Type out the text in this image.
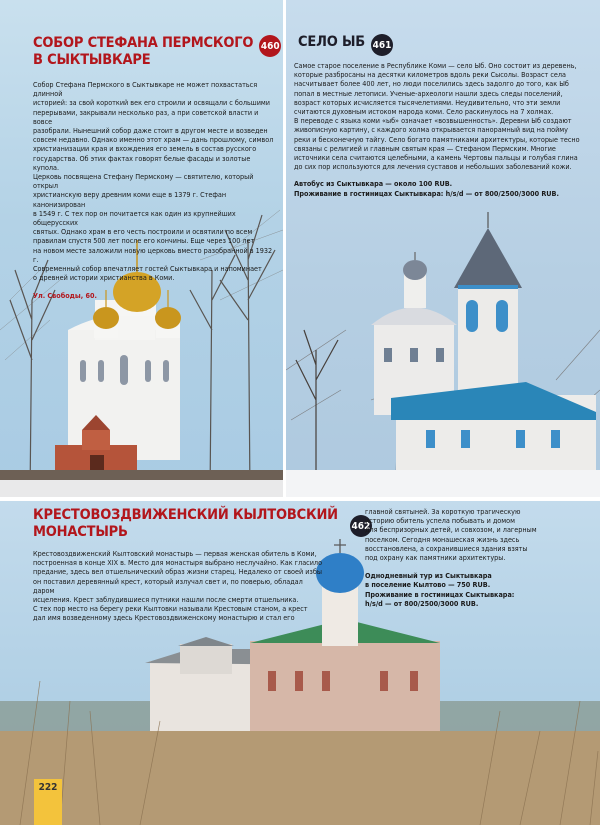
СОБОР СТЕФАНА ПЕРМСКОГО
В СЫКТЫВКАРЕ
460
Собор Стефана Пермского в Сыктывкаре не может похвастаться длинной
историей: за свой короткий век его строили и освящали с большими
перерывами, закрывали несколько раз, а при советской власти и вовсе
разобрали. Нынешний собор даже стоит в другом месте и возведен
совсем недавно. Однако именно этот храм — дань прошлому, символ
христианизации края и вхождения его земель в состав русского
государства. Об этих фактах говорят белые фасады и золотые купола.
Церковь посвящена Стефану Пермскому — святителю, который открыл
христианскую веру древним коми еще в 1379 г. Стефан канонизирован
в 1549 г. С тех пор он почитается как один из крупнейших общерусских
святых. Однако храм в его честь построили и освятили по всем
правилам спустя 500 лет после его кончины. Еще через 100 лет
на новом месте заложили новую церковь вместо разобранной в 1932 г.
Современный собор впечатляет гостей Сыктывкара и напоминает
о древней истории христианства в Коми.
Ул. Свободы, 60.
СЕЛО ЫБ 461
Самое старое поселение в Республике Коми — село Ыб. Оно состоит из деревень,
которые разбросаны на десятки километров вдоль реки Сысолы. Возраст села
насчитывает более 400 лет, но люди поселились здесь задолго до того, как Ыб
попал в местные летописи. Ученые-археологи нашли здесь следы поселений,
возраст которых исчисляется тысячелетиями. Неудивительно, что эти земли
считаются духовным истоком народа коми. Село раскинулось на 7 холмах.
В переводе с языка коми «ыб» означает «возвышенность». Деревни Ыб создают
живописную картину, с каждого холма открывается панорамный вид на пойму
реки и бесконечную тайгу. Село богато памятниками архитектуры, которые тесно
связаны с религией и главным святым края — Стефаном Пермским. Многие
источники села считаются целебными, а камень Чертовы пальцы и голубая глина
до сих пор используются для лечения суставов и небольших заболеваний кожи.
Автобус из Сыктывкара — около 100 RUB.
Проживание в гостиницах Сыктывкара: h/s/d — от 800/2500/3000 RUB.
КРЕСТОВОЗДВИЖЕНСКИЙ КЫЛТОВСКИЙ
МОНАСТЫРЬ	462
Крестовоздвиженский Кылтовский монастырь — первая женская обитель в Коми,
построенная в конце XIX в. Место для монастыря выбрано неслучайно. Как гласило
предание, здесь вел отшельнический образ жизни старец. Недалеко от своей избы
он поставил деревянный крест, который излучал свет и, по поверью, обладал даром
исцеления. Крест заблудившиеся путники нашли после смерти отшельника.
С тех пор место на берегу реки Кылтовки называли Крестовым станом, а крест
дал имя возведенному здесь Крестовоздвиженскому монастырю и стал его
главной святыней. За короткую трагическую
историю обитель успела побывать и домом
для беспризорных детей, и совхозом, и лагерным
поселком. Сегодня монашеская жизнь здесь
восстановлена, а сохранившиеся здания взяты
под охрану как памятники архитектуры.
Однодневный тур из Сыктывкара
в поселение Кылтово — 750 RUB.
Проживание в гостиницах Сыктывкара:
h/s/d — от 800/2500/3000 RUB.
222
